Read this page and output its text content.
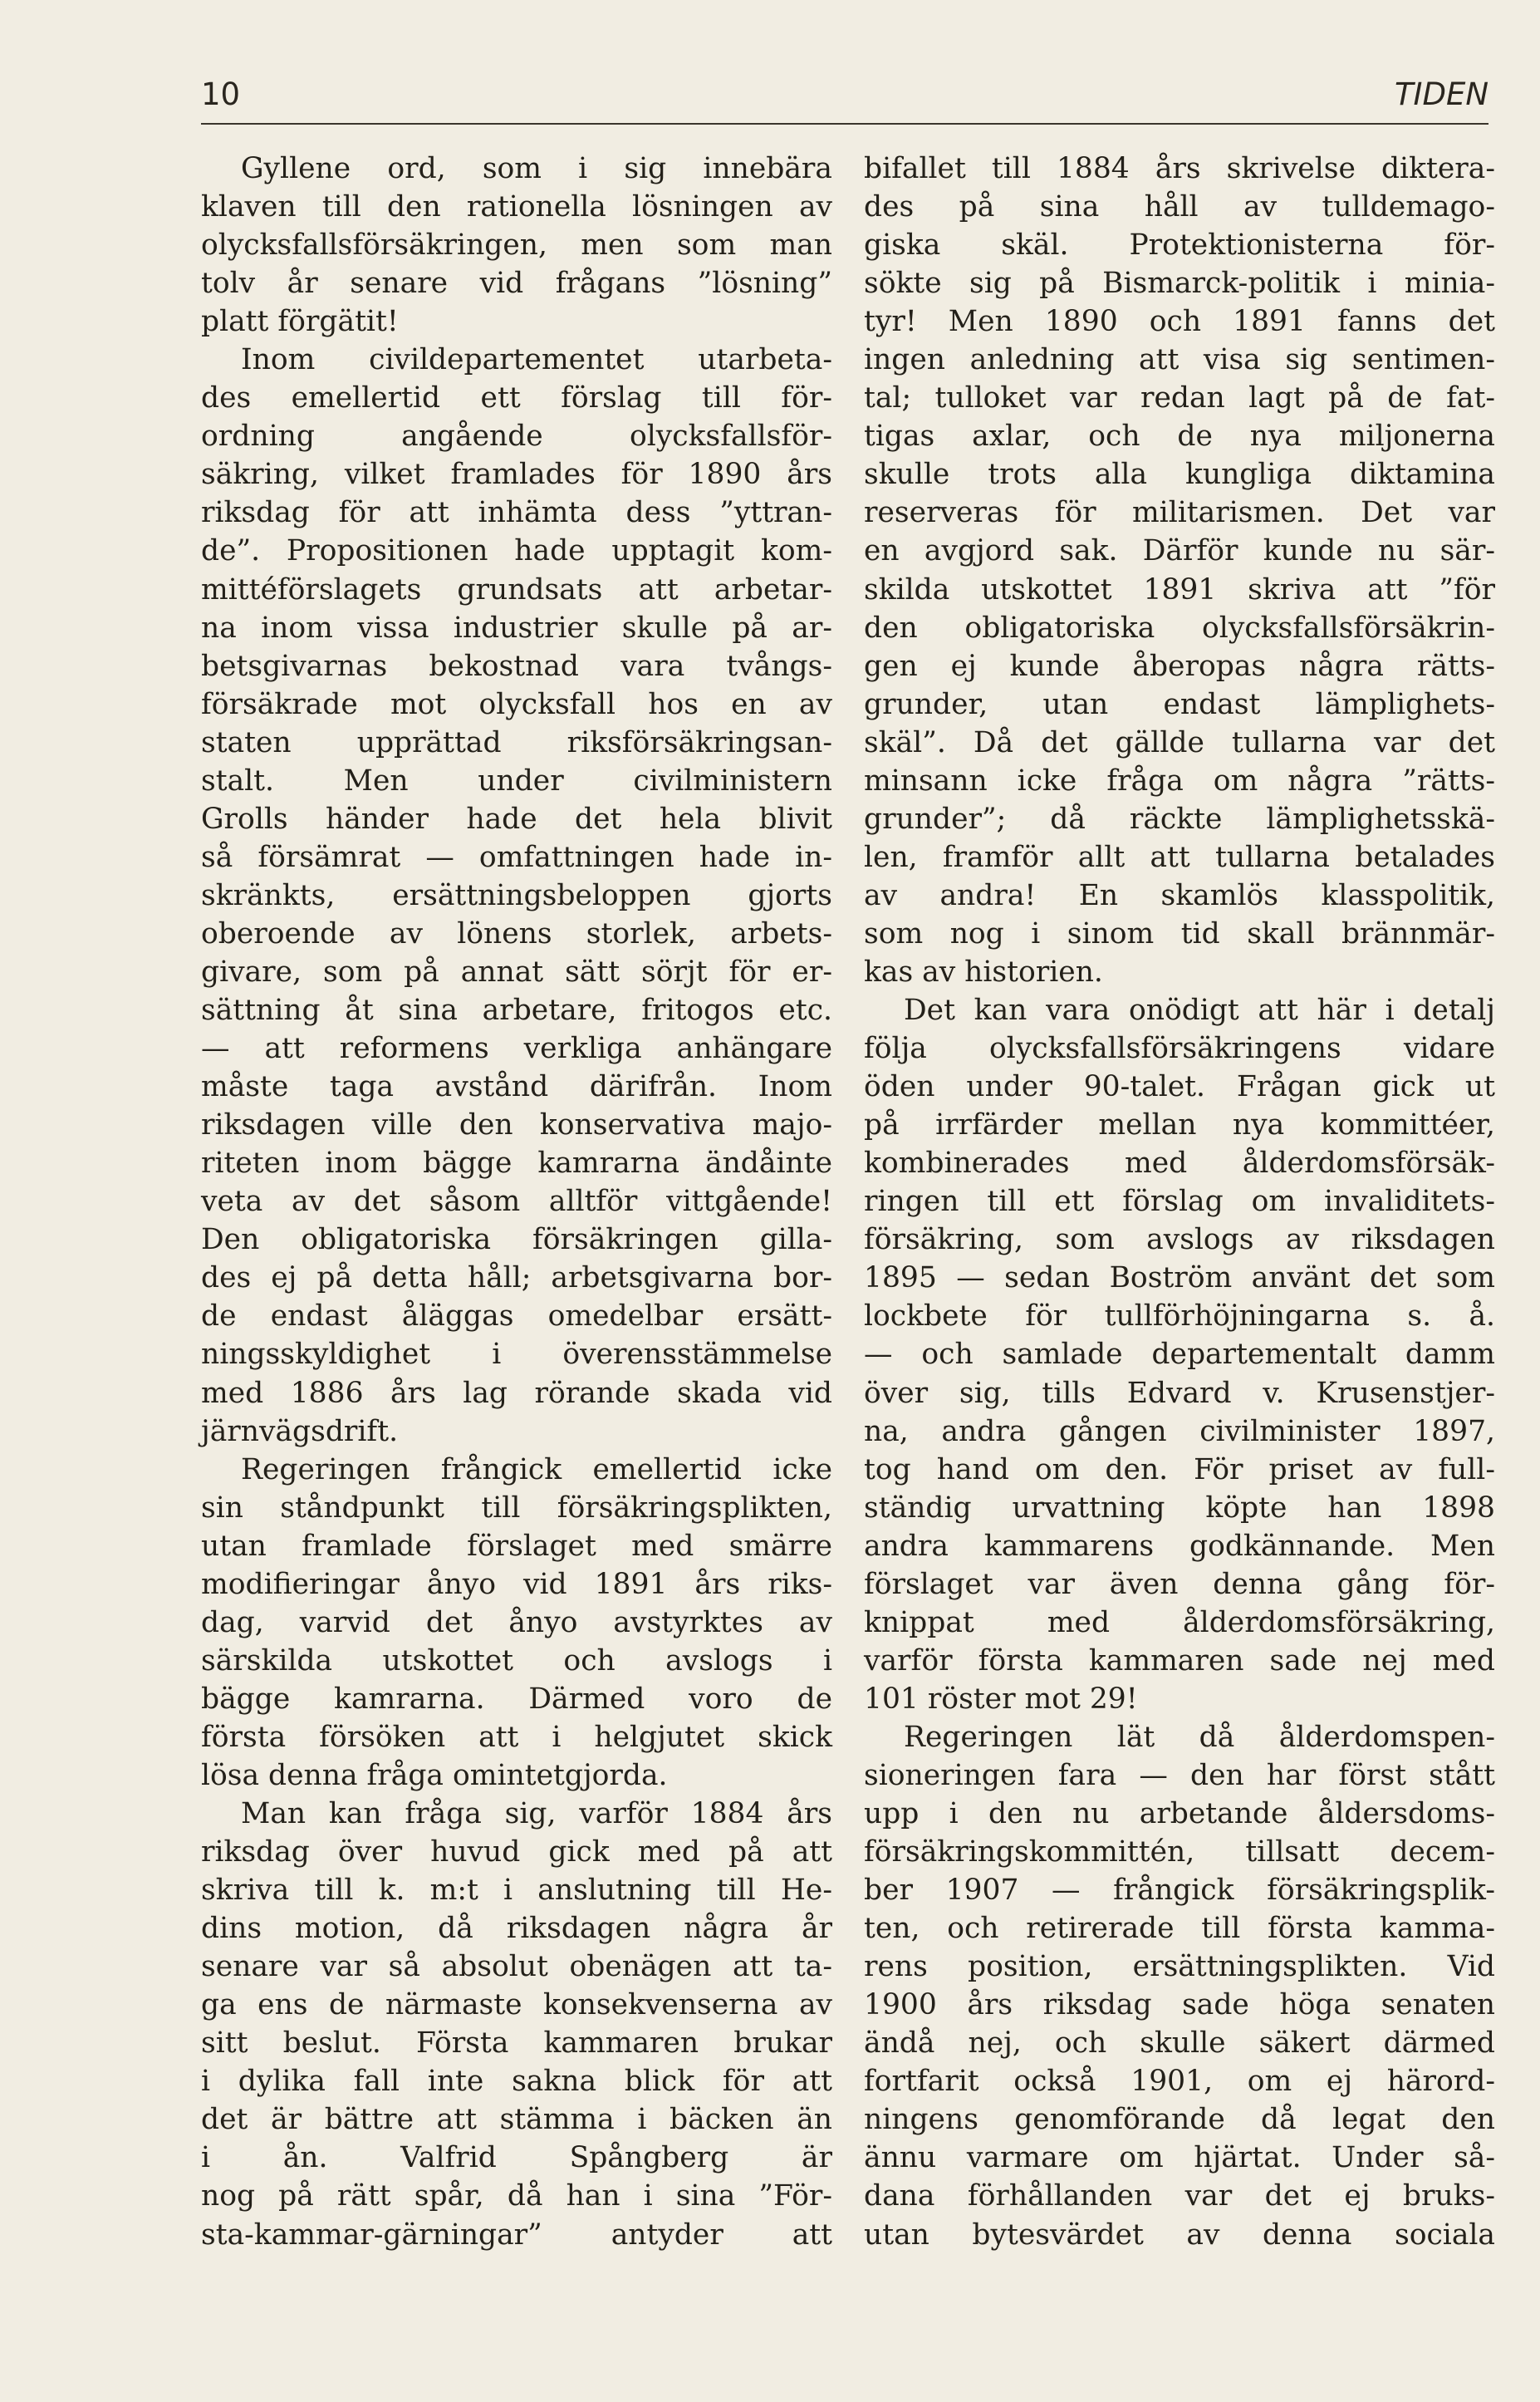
10	TIDEN
Gyllene ord, som i sig innebära
klaven till den rationella lösningen av
olycksfallsförsäkringen, men som man
tolv år senare vid frågans ”lösning”
platt förgätit!
Inom civildepartementet utarbeta-
des emellertid ett förslag till för-
ordning angående olycksfallsför-
säkring, vilket framlades för 1890 års
riksdag för att inhämta dess ”yttran-
de”. Propositionen hade upptagit kom-
mittéförslagets grundsats att arbetar-
na inom vissa industrier skulle på ar-
betsgivarnas bekostnad vara tvångs-
försäkrade mot olycksfall hos en av
staten upprättad riksförsäkringsan-
stalt. Men under civilministern
Grolls händer hade det hela blivit
så försämrat — omfattningen hade in-
skränkts, ersättningsbeloppen gjorts
oberoende av lönens storlek, arbets-
givare, som på annat sätt sörjt för er-
sättning åt sina arbetare, fritogos etc.
— att reformens verkliga anhängare
måste taga avstånd därifrån. Inom
riksdagen ville den konservativa majo-
riteten inom bägge kamrarna ändåinte
veta av det såsom alltför vittgående!
Den obligatoriska försäkringen gilla-
des ej på detta håll; arbetsgivarna bor-
de endast åläggas omedelbar ersätt-
ningsskyldighet i överensstämmelse
med 1886 års lag rörande skada vid
järnvägsdrift.
Regeringen frångick emellertid icke
sin ståndpunkt till försäkringsplikten,
utan framlade förslaget med smärre
modifieringar ånyo vid 1891 års riks-
dag, varvid det ånyo avstyrktes av
särskilda utskottet och avslogs i
bägge kamrarna. Därmed voro de
första försöken att i helgjutet skick
lösa denna fråga omintetgjorda.
Man kan fråga sig, varför 1884 års
riksdag över huvud gick med på att
skriva till k. m:t i anslutning till He-
dins motion, då riksdagen några år
senare var så absolut obenägen att ta-
ga ens de närmaste konsekvenserna av
sitt beslut. Första kammaren brukar
i dylika fall inte sakna blick för att
det är bättre att stämma i bäcken än
i ån. Valfrid Spångberg är
nog på rätt spår, då han i sina ”För-
sta-kammar-gärningar” antyder att
bifallet till 1884 års skrivelse diktera-
des på sina håll av tulldemago-
giska skäl. Protektionisterna för-
sökte sig på Bismarck-politik i minia-
tyr! Men 1890 och 1891 fanns det
ingen anledning att visa sig sentimen-
tal; tulloket var redan lagt på de fat-
tigas axlar, och de nya miljonerna
skulle trots alla kungliga diktamina
reserveras för militarismen. Det var
en avgjord sak. Därför kunde nu sär-
skilda utskottet 1891 skriva att ”för
den obligatoriska olycksfallsförsäkrin-
gen ej kunde åberopas några rätts-
grunder, utan endast lämplighets-
skäl”. Då det gällde tullarna var det
minsann icke fråga om några ”rätts-
grunder”; då räckte lämplighetsskä-
len, framför allt att tullarna betalades
av andra! En skamlös klasspolitik,
som nog i sinom tid skall brännmär-
kas av historien.
Det kan vara onödigt att här i detalj
följa olycksfallsförsäkringens vidare
öden under 90-talet. Frågan gick ut
på irrfärder mellan nya kommittéer,
kombinerades med ålderdomsförsäk-
ringen till ett förslag om invaliditets-
försäkring, som avslogs av riksdagen
1895 — sedan Boström använt det som
lockbete för tullförhöjningarna s. å.
— och samlade departementalt damm
över sig, tills Edvard v. Krusenstjer-
na, andra gången civilminister 1897,
tog hand om den. För priset av full-
ständig urvattning köpte han 1898
andra kammarens godkännande. Men
förslaget var även denna gång för-
knippat med ålderdomsförsäkring,
varför första kammaren sade nej med
101 röster mot 29!
Regeringen lät då ålderdomspen-
sioneringen fara — den har först stått
upp i den nu arbetande åldersdoms-
försäkringskommittén, tillsatt decem-
ber 1907 — frångick försäkringsplik-
ten, och retirerade till första kamma-
rens position, ersättningsplikten. Vid
1900 års riksdag sade höga senaten
ändå nej, och skulle säkert därmed
fortfarit också 1901, om ej härord-
ningens genomförande då legat den
ännu varmare om hjärtat. Under så-
dana förhållanden var det ej bruks-
utan bytesvärdet av denna sociala
